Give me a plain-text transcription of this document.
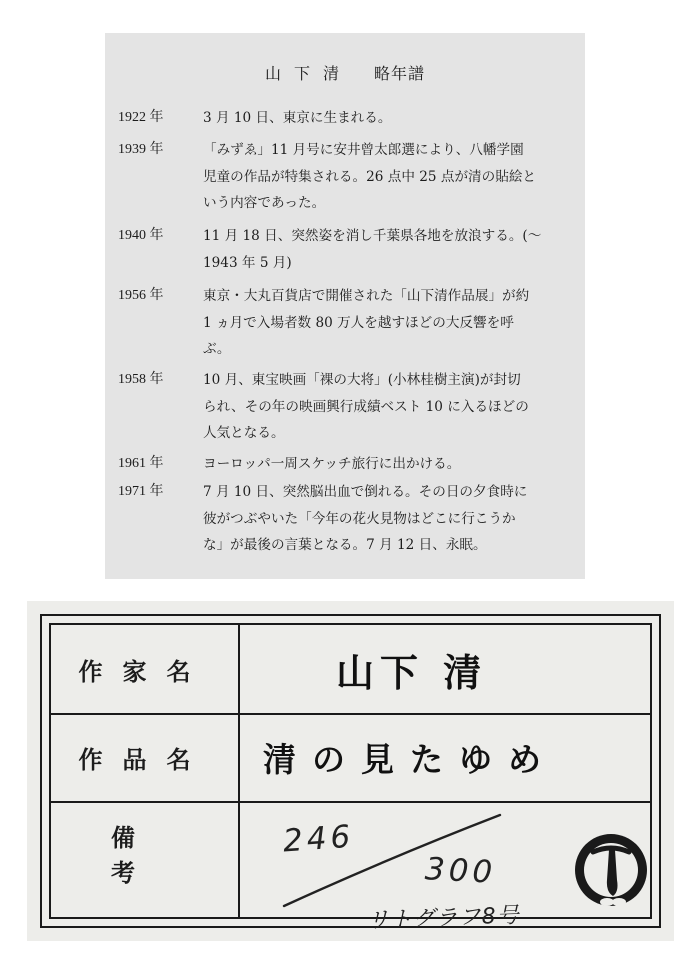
山下清 略年譜
1922 年	3 月 10 日、東京に生まれる。
1939 年	「みずゑ」11 月号に安井曾太郎選により、八幡学園
児童の作品が特集される。26 点中 25 点が清の貼絵と
いう内容であった。
1940 年	11 月 18 日、突然姿を消し千葉県各地を放浪する。(～
1943 年 5 月)
1956 年	東京・大丸百貨店で開催された「山下清作品展」が約
1 ヵ月で入場者数 80 万人を越すほどの大反響を呼
ぶ。
1958 年	10 月、東宝映画「裸の大将」(小林桂樹主演)が封切
られ、その年の映画興行成績ベスト 10 に入るほどの
人気となる。
1961 年	ヨーロッパ一周スケッチ旅行に出かける。
1971 年	7 月 10 日、突然脳出血で倒れる。その日の夕食時に
彼がつぶやいた「今年の花火見物はどこに行こうか
な」が最後の言葉となる。7 月 12 日、永眠。
作家名	山下 清
作品名	清の見たゆめ
備考
246
300
リトグラフ8号
